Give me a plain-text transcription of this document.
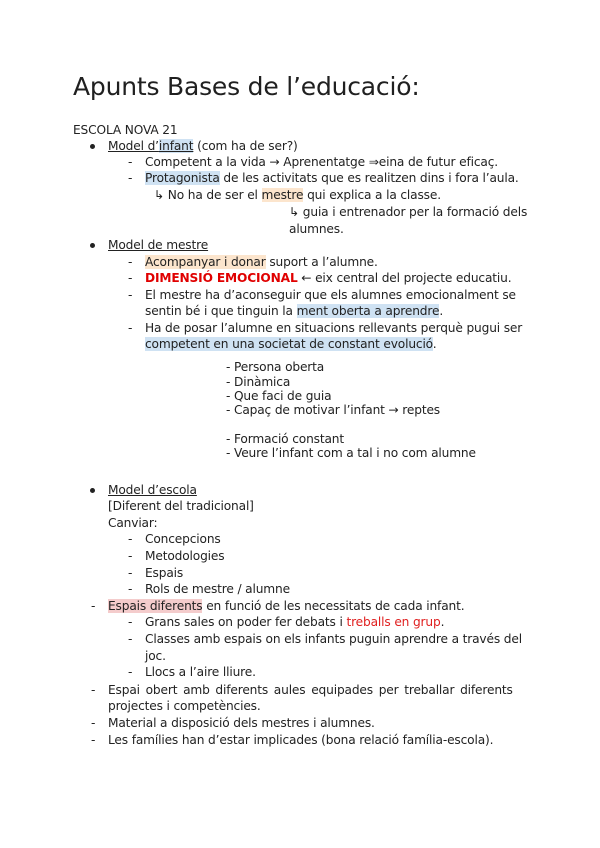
Apunts Bases de l’educació:
ESCOLA NOVA 21
Model d’infant (com ha de ser?)
- Competent a la vida → Aprenentatge ⇒eina de futur eficaç.
- Protagonista de les activitats que es realitzen dins i fora l’aula.
↳ No ha de ser el mestre qui explica a la classe.
↳ guia i entrenador per la formació dels
alumnes.
Model de mestre
- Acompanyar i donar suport a l’alumne.
- DIMENSIÓ EMOCIONAL ← eix central del projecte educatiu.
- El mestre ha d’aconseguir que els alumnes emocionalment se
sentin bé i que tinguin la ment oberta a aprendre.
- Ha de posar l’alumne en situacions rellevants perquè pugui ser
competent en una societat de constant evolució.
- Persona oberta
- Dinàmica
- Que faci de guia
- Capaç de motivar l’infant → reptes
- Formació constant
- Veure l’infant com a tal i no com alumne
Model d’escola
[Diferent del tradicional]
Canviar:
- Concepcions
- Metodologies
- Espais
- Rols de mestre / alumne
- Espais diferents en funció de les necessitats de cada infant.
- Grans sales on poder fer debats i treballs en grup.
- Classes amb espais on els infants puguin aprendre a través del
joc.
- Llocs a l’aire lliure.
- Espai obert amb diferents aules equipades per treballar diferents
projectes i competències.
- Material a disposició dels mestres i alumnes.
- Les famílies han d’estar implicades (bona relació família-escola).
